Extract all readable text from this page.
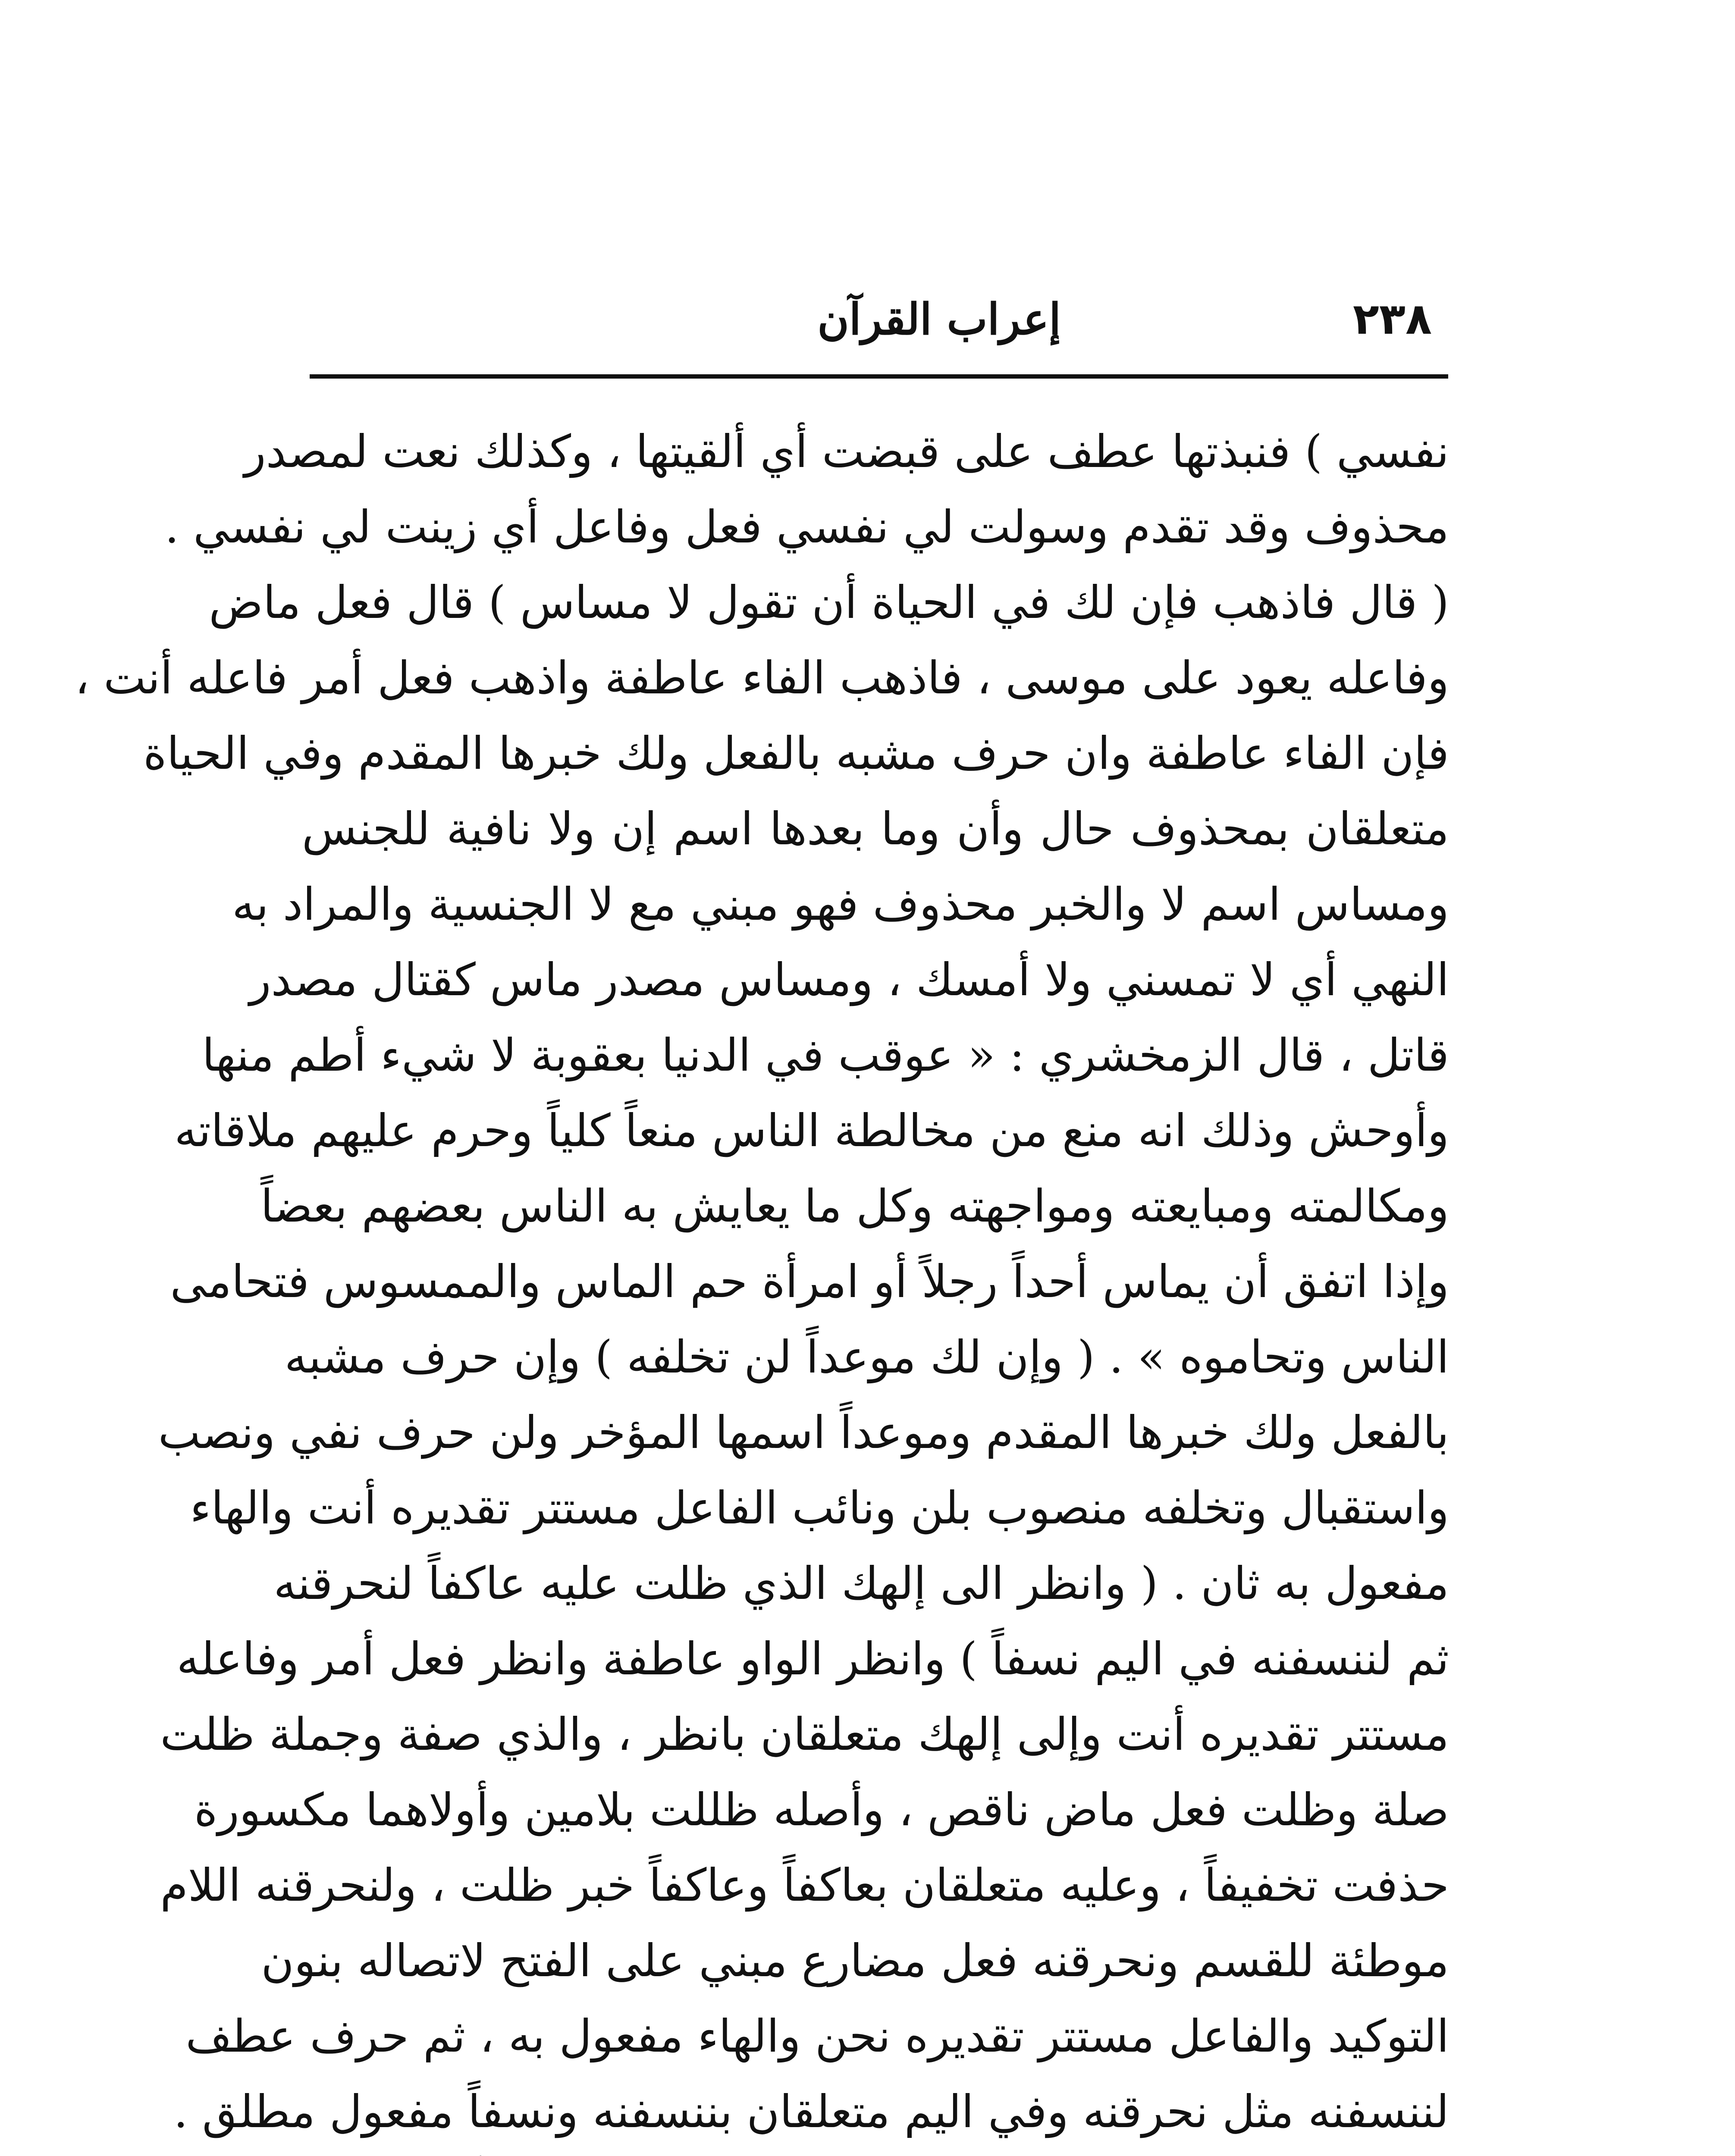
٢٣٨
إعراب القرآن
نفسي ) فنبذتها عطف على قبضت أي ألقيتها ، وكذلك نعت لمصدر
محذوف وقد تقدم وسولت لي نفسي فعل وفاعل أي زينت لي نفسي .
( قال فاذهب فإن لك في الحياة أن تقول لا مساس ) قال فعل ماض
وفاعله يعود على موسى ، فاذهب الفاء عاطفة واذهب فعل أمر فاعله أنت ،
فإن الفاء عاطفة وان حرف مشبه بالفعل ولك خبرها المقدم وفي الحياة
متعلقان بمحذوف حال وأن وما بعدها اسم إن ولا نافية للجنس
ومساس اسم لا والخبر محذوف فهو مبني مع لا الجنسية والمراد به
النهي أي لا تمسني ولا أمسك ، ومساس مصدر ماس كقتال مصدر
قاتل ، قال الزمخشري : « عوقب في الدنيا بعقوبة لا شيء أطم منها
وأوحش وذلك انه منع من مخالطة الناس منعاً كلياً وحرم عليهم ملاقاته
ومكالمته ومبايعته ومواجهته وكل ما يعايش به الناس بعضهم بعضاً
وإذا اتفق أن يماس أحداً رجلاً أو امرأة حم الماس والممسوس فتحامى
الناس وتحاموه » . ( وإن لك موعداً لن تخلفه ) وإن حرف مشبه
بالفعل ولك خبرها المقدم وموعداً اسمها المؤخر ولن حرف نفي ونصب
واستقبال وتخلفه منصوب بلن ونائب الفاعل مستتر تقديره أنت والهاء
مفعول به ثان . ( وانظر الى إلهك الذي ظلت عليه عاكفاً لنحرقنه
ثم لننسفنه في اليم نسفاً ) وانظر الواو عاطفة وانظر فعل أمر وفاعله
مستتر تقديره أنت وإلى إلهك متعلقان بانظر ، والذي صفة وجملة ظلت
صلة وظلت فعل ماض ناقص ، وأصله ظللت بلامين وأولاهما مكسورة
حذفت تخفيفاً ، وعليه متعلقان بعاكفاً وعاكفاً خبر ظلت ، ولنحرقنه اللام
موطئة للقسم ونحرقنه فعل مضارع مبني على الفتح لاتصاله بنون
التوكيد والفاعل مستتر تقديره نحن والهاء مفعول به ، ثم حرف عطف
لننسفنه مثل نحرقنه وفي اليم متعلقان بننسفنه ونسفاً مفعول مطلق .
